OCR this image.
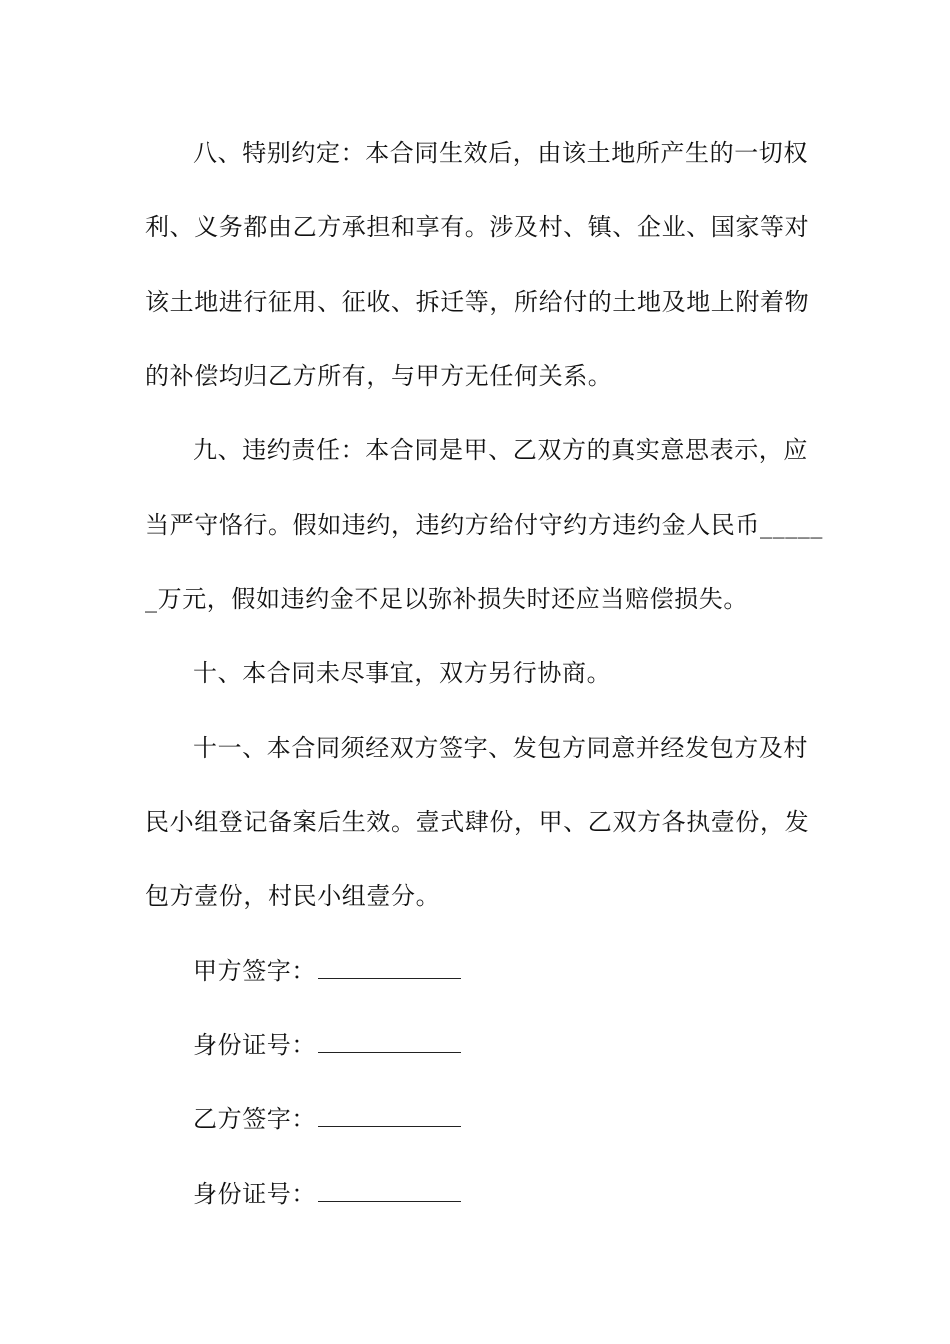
八、特别约定：本合同生效后，由该土地所产生的一切权
利、义务都由乙方承担和享有。涉及村、镇、企业、国家等对
该土地进行征用、征收、拆迁等，所给付的土地及地上附着物
的补偿均归乙方所有，与甲方无任何关系。
九、违约责任：本合同是甲、乙双方的真实意思表示，应
当严守恪行。假如违约，违约方给付守约方违约金人民币_____
_万元，假如违约金不足以弥补损失时还应当赔偿损失。
十、本合同未尽事宜，双方另行协商。
十一、本合同须经双方签字、发包方同意并经发包方及村
民小组登记备案后生效。壹式肆份，甲、乙双方各执壹份，发
包方壹份，村民小组壹分。
甲方签字：
身份证号：
乙方签字：
身份证号：
